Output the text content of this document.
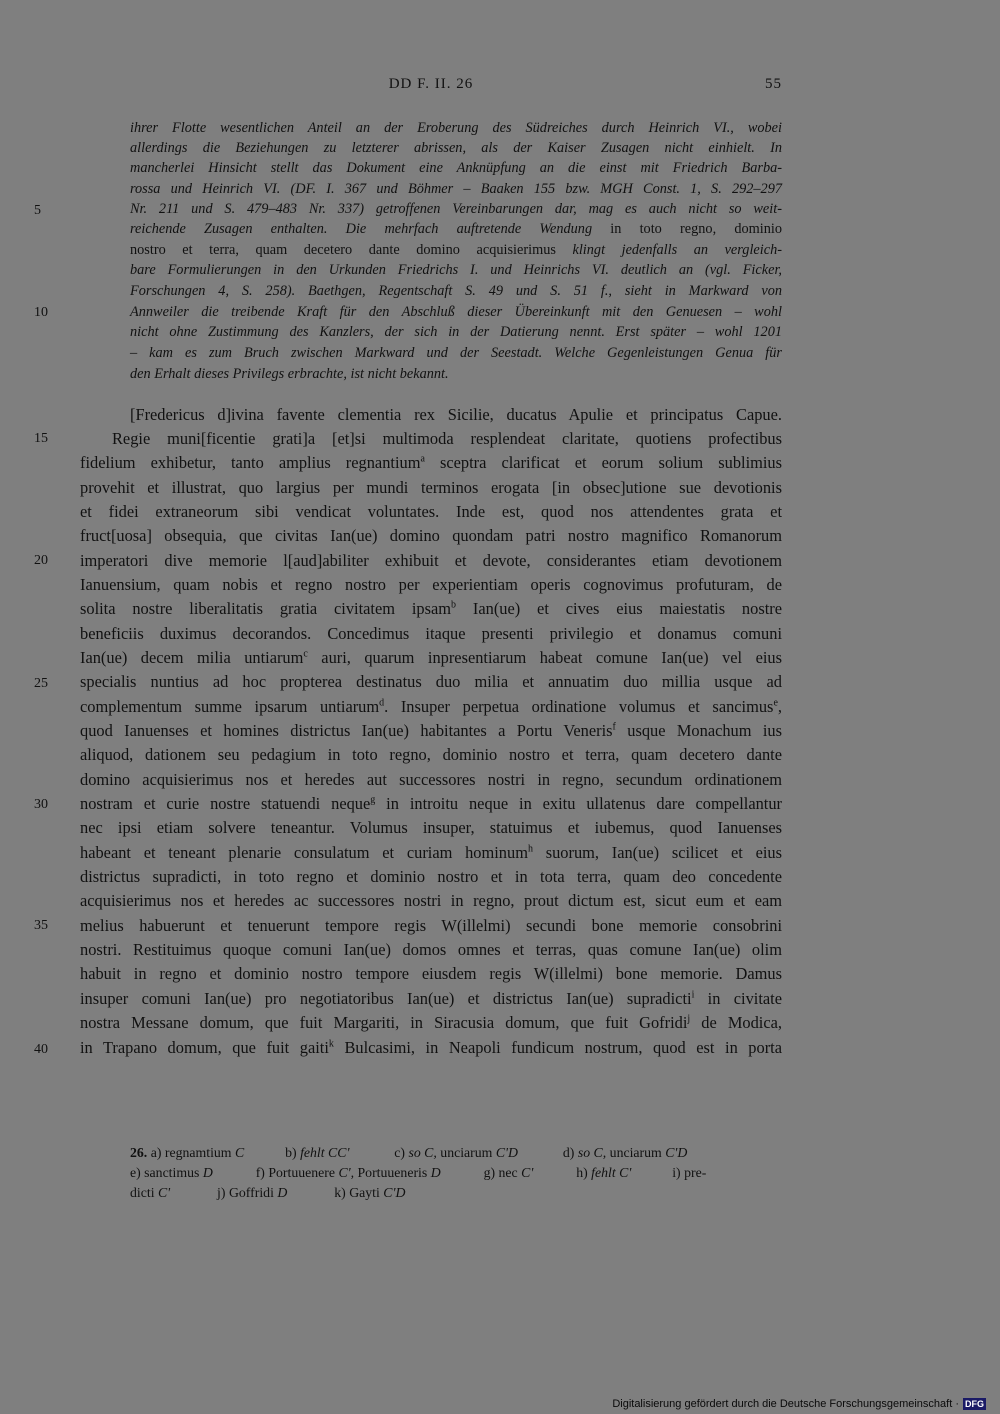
DD F. II. 26	55
ihrer Flotte wesentlichen Anteil an der Eroberung des Südreiches durch Heinrich VI., wobei
allerdings die Beziehungen zu letzterer abrissen, als der Kaiser Zusagen nicht einhielt. In
mancherlei Hinsicht stellt das Dokument eine Anknüpfung an die einst mit Friedrich Barba-
rossa und Heinrich VI. (DF. I. 367 und Böhmer – Baaken 155 bzw. MGH Const. 1, S. 292–297
Nr. 211 und S. 479–483 Nr. 337) getroffenen Vereinbarungen dar, mag es auch nicht so weit-
reichende Zusagen enthalten. Die mehrfach auftretende Wendung in toto regno, dominio
nostro et terra, quam decetero dante domino acquisierimus klingt jedenfalls an vergleich-
bare Formulierungen in den Urkunden Friedrichs I. und Heinrichs VI. deutlich an (vgl. Ficker,
Forschungen 4, S. 258). Baethgen, Regentschaft S. 49 und S. 51 f., sieht in Markward von
Annweiler die treibende Kraft für den Abschluß dieser Übereinkunft mit den Genuesen – wohl
nicht ohne Zustimmung des Kanzlers, der sich in der Datierung nennt. Erst später – wohl 1201
– kam es zum Bruch zwischen Markward und der Seestadt. Welche Gegenleistungen Genua für
den Erhalt dieses Privilegs erbrachte, ist nicht bekannt.
5
10
15
20
25
30
35
40
[Fredericus d]ivina favente clementia rex Sicilie, ducatus Apulie et principatus Capue.
Regie muni[ficentie grati]a [et]si multimoda resplendeat claritate, quotiens profectibus
fidelium exhibetur, tanto amplius regnantium$^a$ sceptra clarificat et eorum solium sublimius
provehit et illustrat, quo largius per mundi terminos erogata [in obsec]utione sue devotionis
et fidei extraneorum sibi vendicat voluntates. Inde est, quod nos attendentes grata et
fruct[uosa] obsequia, que civitas Ian(ue) domino quondam patri nostro magnifico Romanorum
imperatori dive memorie l[aud]abiliter exhibuit et devote, considerantes etiam devotionem
Ianuensium, quam nobis et regno nostro per experientiam operis cognovimus profuturam, de
solita nostre liberalitatis gratia civitatem ipsam$^b$ Ian(ue) et cives eius maiestatis nostre
beneficiis duximus decorandos. Concedimus itaque presenti privilegio et donamus comuni
Ian(ue) decem milia untiarum$^c$ auri, quarum inpresentiarum habeat comune Ian(ue) vel eius
specialis nuntius ad hoc propterea destinatus duo milia et annuatim duo millia usque ad
complementum summe ipsarum untiarum$^d$. Insuper perpetua ordinatione volumus et sancimus$^e$,
quod Ianuenses et homines districtus Ian(ue) habitantes a Portu Veneris$^f$ usque Monachum ius
aliquod, dationem seu pedagium in toto regno, dominio nostro et terra, quam decetero dante
domino acquisierimus nos et heredes aut successores nostri in regno, secundum ordinationem
nostram et curie nostre statuendi neque$^g$ in introitu neque in exitu ullatenus dare compellantur
nec ipsi etiam solvere teneantur. Volumus insuper, statuimus et iubemus, quod Ianuenses
habeant et teneant plenarie consulatum et curiam hominum$^h$ suorum, Ian(ue) scilicet et eius
districtus supradicti, in toto regno et dominio nostro et in tota terra, quam deo concedente
acquisierimus nos et heredes ac successores nostri in regno, prout dictum est, sicut eum et eam
melius habuerunt et tenuerunt tempore regis W(illelmi) secundi bone memorie consobrini
nostri. Restituimus quoque comuni Ian(ue) domos omnes et terras, quas comune Ian(ue) olim
habuit in regno et dominio nostro tempore eiusdem regis W(illelmi) bone memorie. Damus
insuper comuni Ian(ue) pro negotiatoribus Ian(ue) et districtus Ian(ue) supradicti$^i$ in civitate
nostra Messane domum, que fuit Margariti, in Siracusia domum, que fuit Gofridi$^j$ de Modica,
in Trapano domum, que fuit gaiti$^k$ Bulcasimi, in Neapoli fundicum nostrum, quod est in porta
26. a) regnamtium C	b) fehlt CC'	c) so C, unciarum C'D	d) so C, unciarum C'D
e) sanctimus D	f) Portuuenere C', Portuueneris D	g) nec C'	h) fehlt C'	i) pre-
dicti C'	j) Goffridi D	k) Gayti C'D
Digitalisierung gefördert durch die Deutsche Forschungsgemeinschaft · DFG
